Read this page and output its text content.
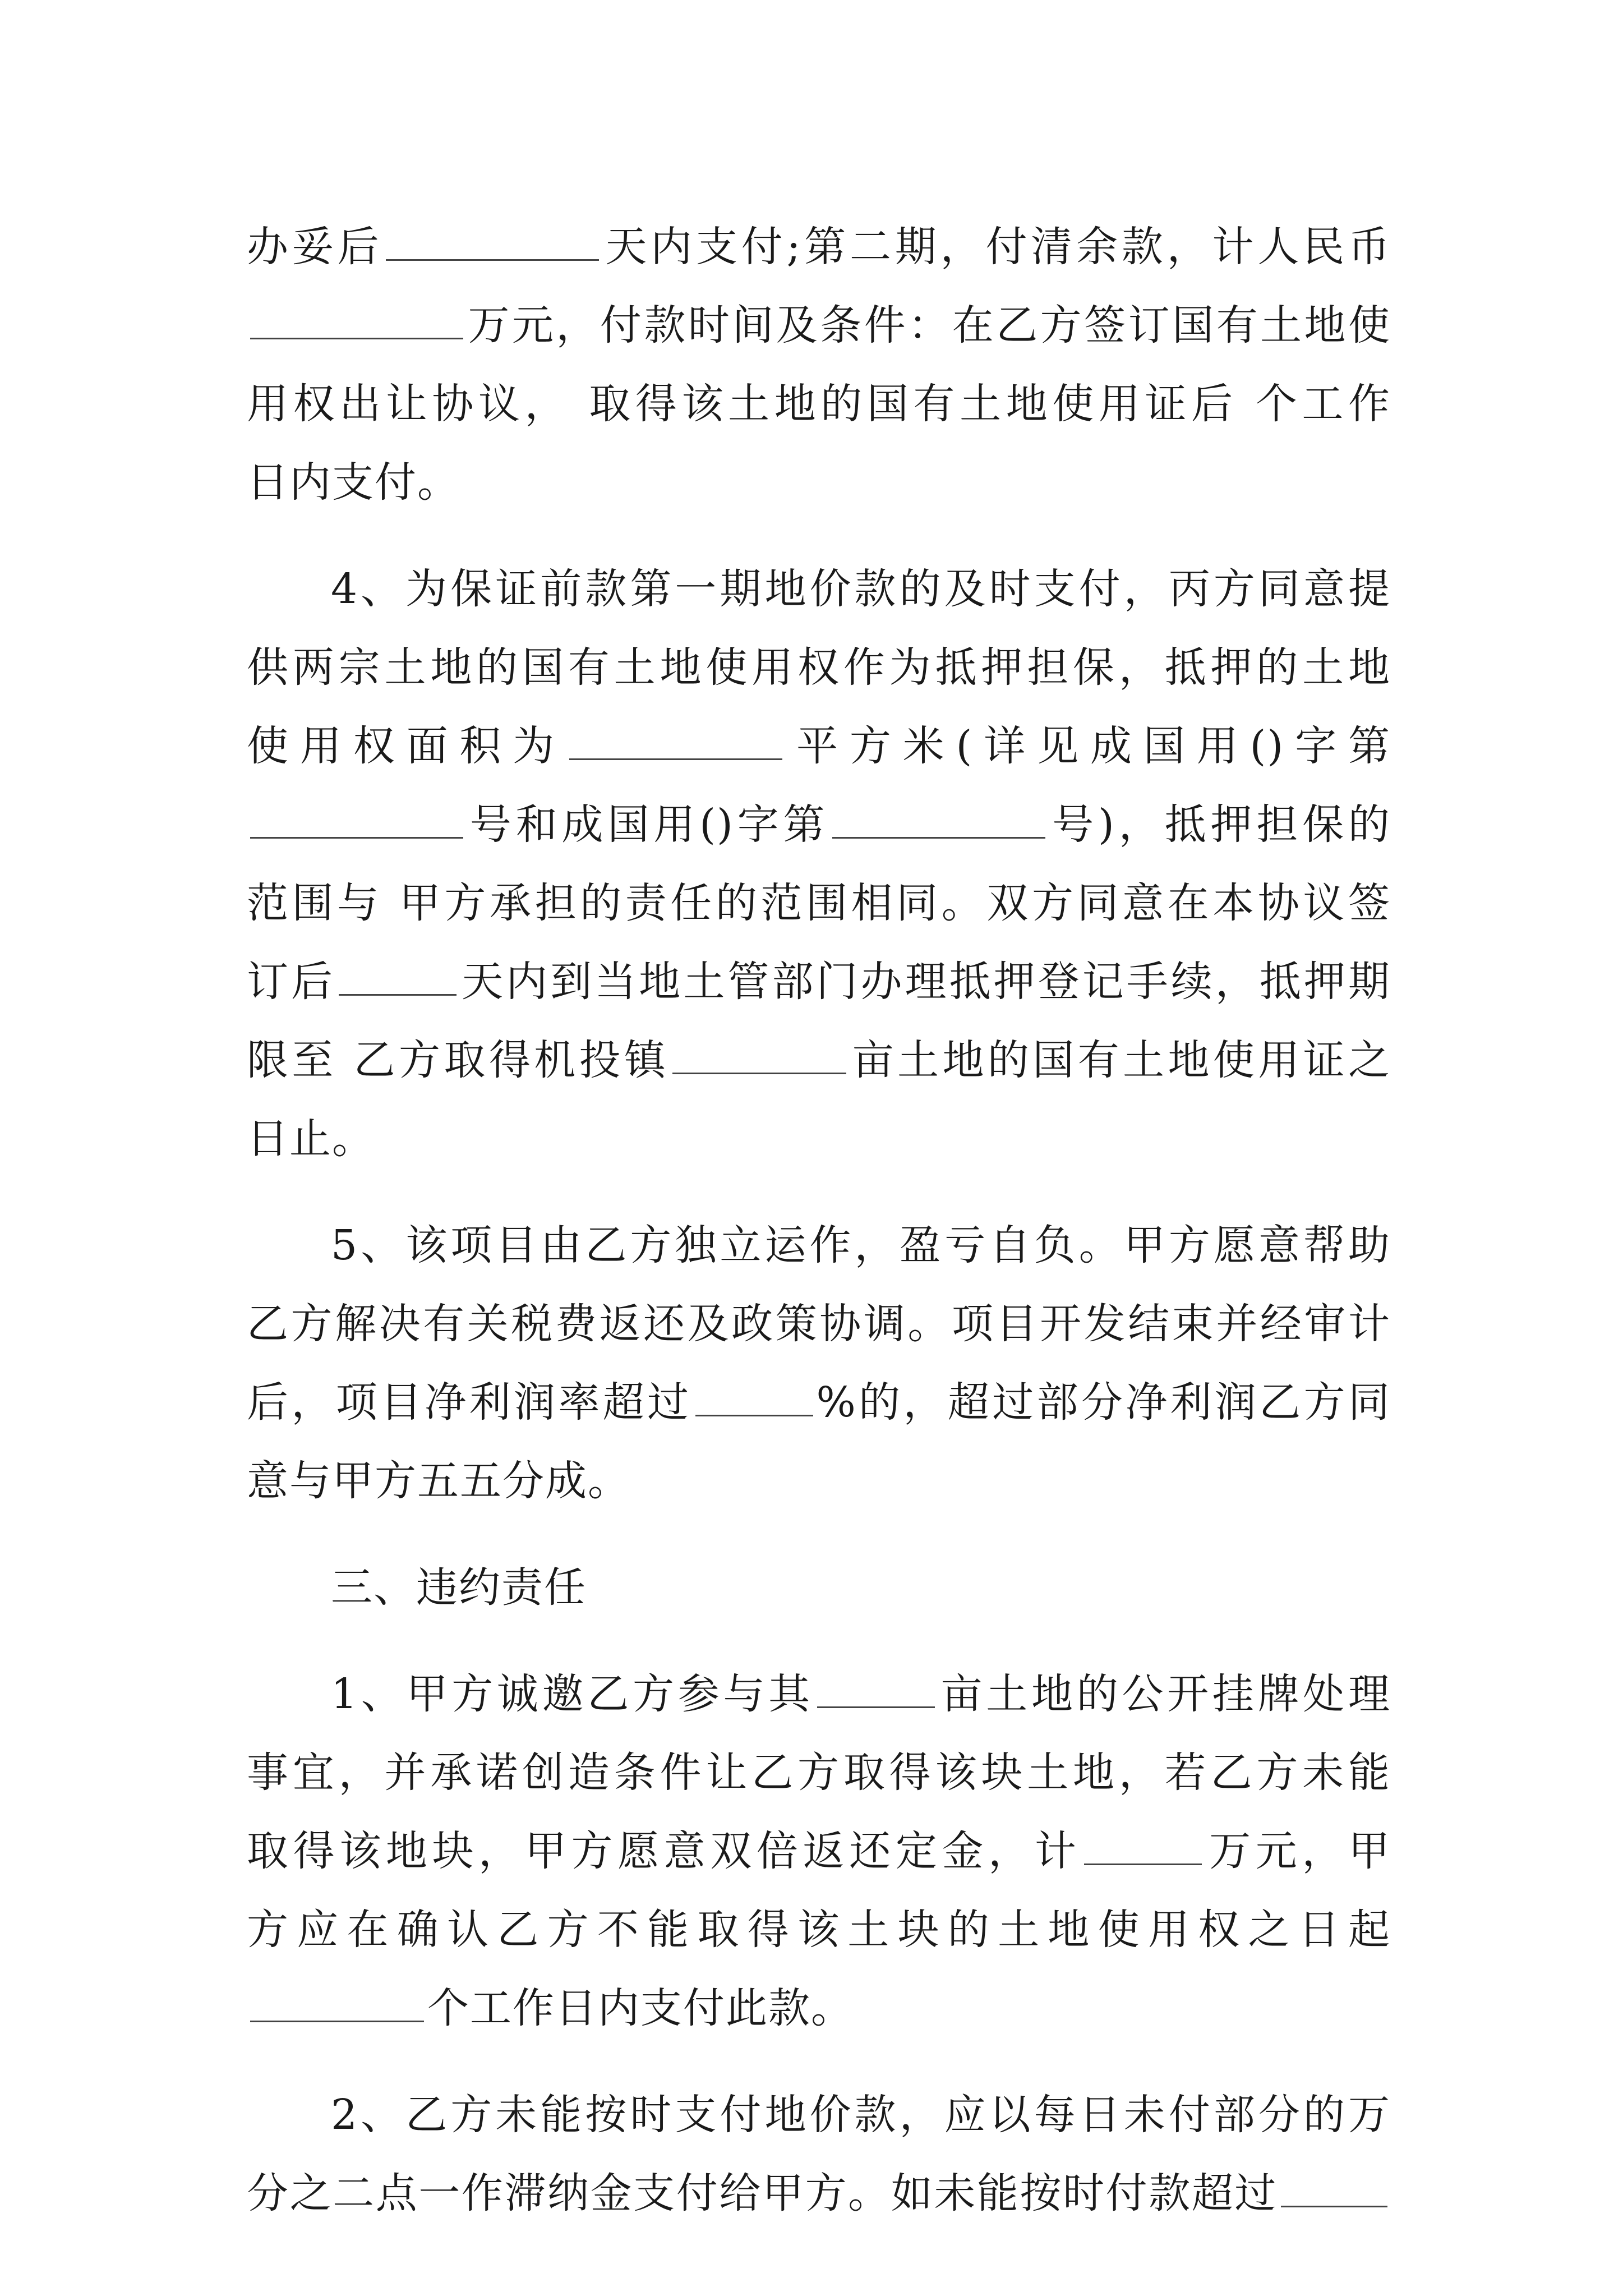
办妥后	天内支付;第二期，付清余款，计人民币
万元，付款时间及条件：在乙方签订国有土地使
用权出让协议， 取得该土地的国有土地使用证后 个工作
日内支付。
4、为保证前款第一期地价款的及时支付，丙方同意提
供两宗土地的国有土地使用权作为抵押担保，抵押的土地
使用权面积为	平方米(详见成国用()字第
号和成国用()字第	号)，抵押担保的
范围与 甲方承担的责任的范围相同。双方同意在本协议签
订后	天内到当地土管部门办理抵押登记手续，抵押期
限至 乙方取得机投镇	亩土地的国有土地使用证之
日止。
5、该项目由乙方独立运作，盈亏自负。甲方愿意帮助
乙方解决有关税费返还及政策协调。项目开发结束并经审计
后，项目净利润率超过	%的，超过部分净利润乙方同
意与甲方五五分成。
三、违约责任
1、甲方诚邀乙方参与其	亩土地的公开挂牌处理
事宜，并承诺创造条件让乙方取得该块土地，若乙方未能
取得该地块，甲方愿意双倍返还定金，计	万元，甲
方应在确认乙方不能取得该土块的土地使用权之日起
个工作日内支付此款。
2、乙方未能按时支付地价款，应以每日未付部分的万
分之二点一作滞纳金支付给甲方。如未能按时付款超过
